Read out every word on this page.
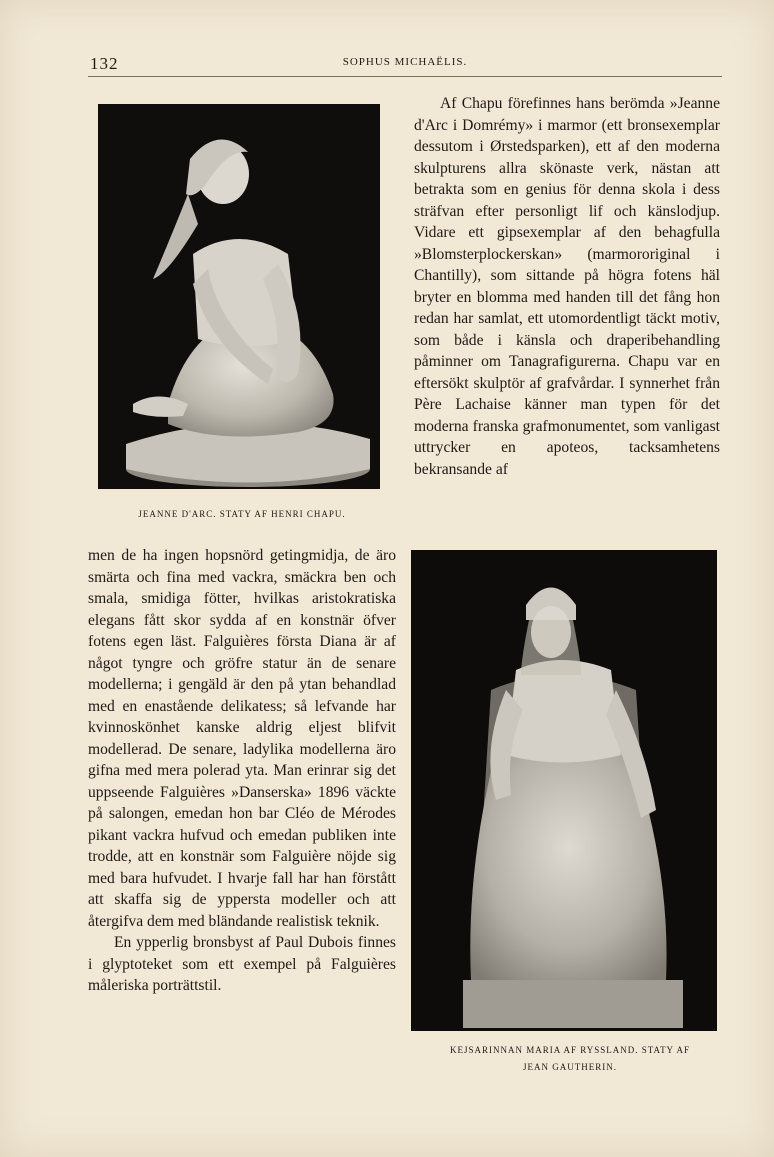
132	SOPHUS MICHAËLIS.
JEANNE D'ARC. STATY AF HENRI CHAPU.
KEJSARINNAN MARIA AF RYSSLAND. STATY AF
JEAN GAUTHERIN.

Af Chapu förefinnes hans berömda »Jeanne d'Arc i Domrémy» i marmor (ett bronsexemplar dessutom i Ørstedsparken), ett af den moderna skulpturens allra skönaste verk, nästan att betrakta som en genius för denna skola i dess sträfvan efter personligt lif och känslodjup. Vidare ett gipsexemplar af den behagfulla »Blomsterplockerskan» (marmororiginal i Chantilly), som sittande på högra fotens häl bryter en blomma med handen till det fång hon redan har samlat, ett utomordentligt täckt motiv, som både i känsla och draperibehandling påminner om Tanagrafigurerna. Chapu var en eftersökt skulptör af grafvårdar. I synnerhet från Père Lachaise känner man typen för det moderna franska grafmonumentet, som vanligast uttrycker en apoteos, tacksamhetens bekransande af

men de ha ingen hopsnörd getingmidja, de äro smärta och fina med vackra, smäckra ben och smala, smidiga fötter, hvilkas aristokratiska elegans fått skor sydda af en konstnär öfver fotens egen läst. Falguières första Diana är af något tyngre och gröfre statur än de senare modellerna; i gengäld är den på ytan behandlad med en enastående delikatess; så lefvande har kvinnoskönhet kanske aldrig eljest blifvit modellerad. De senare, ladylika modellerna äro gifna med mera polerad yta. Man erinrar sig det uppseende Falguières »Danserska» 1896 väckte på salongen, emedan hon bar Cléo de Mérodes pikant vackra hufvud och emedan publiken inte trodde, att en konstnär som Falguière nöjde sig med bara hufvudet. I hvarje fall har han förstått att skaffa sig de yppersta modeller och att återgifva dem med bländande realistisk teknik.

En ypperlig bronsbyst af Paul Dubois finnes i glyptoteket som ett exempel på Falguières måleriska porträttstil.
